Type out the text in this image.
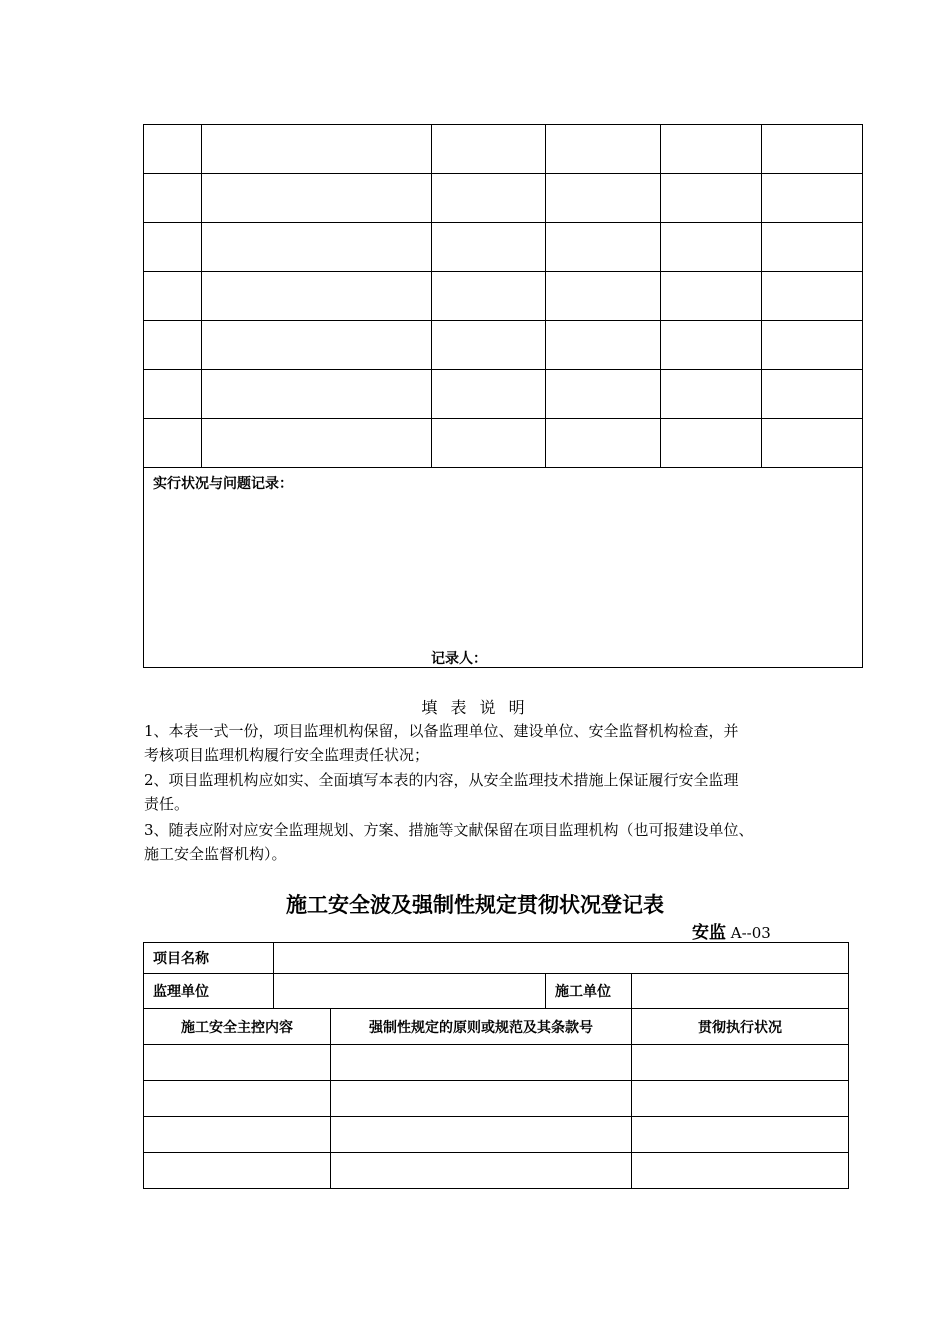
实行状况与问题记录：
记录人：					
填 表 说 明
1、本表一式一份，项目监理机构保留，以备监理单位、建设单位、安全监督机构检查，并
考核项目监理机构履行安全监理责任状况；
2、项目监理机构应如实、全面填写本表的内容，从安全监理技术措施上保证履行安全监理
责任。
3、随表应附对应安全监理规划、方案、措施等文献保留在项目监理机构（也可报建设单位、
施工安全监督机构）。
施工安全波及强制性规定贯彻状况登记表
安监 A--03
项目名称				
监理单位			施工单位	
施工安全主控内容		强制性规定的原则或规范及其条款号		贯彻执行状况
